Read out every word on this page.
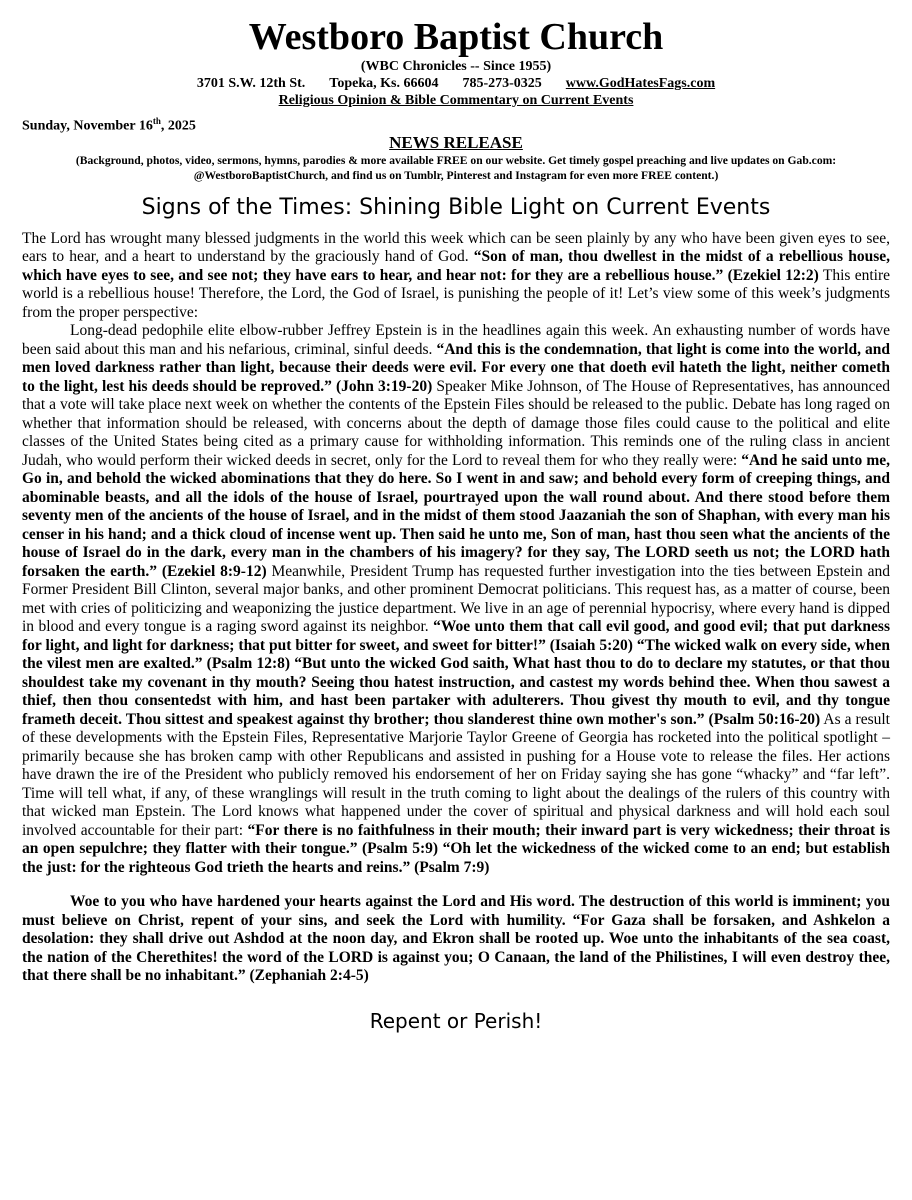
Westboro Baptist Church
(WBC Chronicles -- Since 1955)
3701 S.W. 12th St. Topeka, Ks. 66604 785-273-0325 www.GodHatesFags.com
Religious Opinion & Bible Commentary on Current Events
Sunday, November 16th, 2025
NEWS RELEASE
(Background, photos, video, sermons, hymns, parodies & more available FREE on our website. Get timely gospel preaching and live updates on Gab.com: @WestboroBaptistChurch, and find us on Tumblr, Pinterest and Instagram for even more FREE content.)
Signs of the Times: Shining Bible Light on Current Events

The Lord has wrought many blessed judgments in the world this week which can be seen plainly by any who have been given eyes to see, ears to hear, and a heart to understand by the graciously hand of God. “Son of man, thou dwellest in the midst of a rebellious house, which have eyes to see, and see not; they have ears to hear, and hear not: for they are a rebellious house.” (Ezekiel 12:2) This entire world is a rebellious house! Therefore, the Lord, the God of Israel, is punishing the people of it! Let’s view some of this week’s judgments from the proper perspective:

Long-dead pedophile elite elbow-rubber Jeffrey Epstein is in the headlines again this week. An exhausting number of words have been said about this man and his nefarious, criminal, sinful deeds. “And this is the condemnation, that light is come into the world, and men loved darkness rather than light, because their deeds were evil. For every one that doeth evil hateth the light, neither cometh to the light, lest his deeds should be reproved.” (John 3:19-20) Speaker Mike Johnson, of The House of Representatives, has announced that a vote will take place next week on whether the contents of the Epstein Files should be released to the public. Debate has long raged on whether that information should be released, with concerns about the depth of damage those files could cause to the political and elite classes of the United States being cited as a primary cause for withholding information. This reminds one of the ruling class in ancient Judah, who would perform their wicked deeds in secret, only for the Lord to reveal them for who they really were: “And he said unto me, Go in, and behold the wicked abominations that they do here. So I went in and saw; and behold every form of creeping things, and abominable beasts, and all the idols of the house of Israel, pourtrayed upon the wall round about. And there stood before them seventy men of the ancients of the house of Israel, and in the midst of them stood Jaazaniah the son of Shaphan, with every man his censer in his hand; and a thick cloud of incense went up. Then said he unto me, Son of man, hast thou seen what the ancients of the house of Israel do in the dark, every man in the chambers of his imagery? for they say, The LORD seeth us not; the LORD hath forsaken the earth.” (Ezekiel 8:9-12) Meanwhile, President Trump has requested further investigation into the ties between Epstein and Former President Bill Clinton, several major banks, and other prominent Democrat politicians. This request has, as a matter of course, been met with cries of politicizing and weaponizing the justice department. We live in an age of perennial hypocrisy, where every hand is dipped in blood and every tongue is a raging sword against its neighbor. “Woe unto them that call evil good, and good evil; that put darkness for light, and light for darkness; that put bitter for sweet, and sweet for bitter!” (Isaiah 5:20) “The wicked walk on every side, when the vilest men are exalted.” (Psalm 12:8) “But unto the wicked God saith, What hast thou to do to declare my statutes, or that thou shouldest take my covenant in thy mouth? Seeing thou hatest instruction, and castest my words behind thee. When thou sawest a thief, then thou consentedst with him, and hast been partaker with adulterers. Thou givest thy mouth to evil, and thy tongue frameth deceit. Thou sittest and speakest against thy brother; thou slanderest thine own mother's son.” (Psalm 50:16-20) As a result of these developments with the Epstein Files, Representative Marjorie Taylor Greene of Georgia has rocketed into the political spotlight – primarily because she has broken camp with other Republicans and assisted in pushing for a House vote to release the files. Her actions have drawn the ire of the President who publicly removed his endorsement of her on Friday saying she has gone “whacky” and “far left”. Time will tell what, if any, of these wranglings will result in the truth coming to light about the dealings of the rulers of this country with that wicked man Epstein. The Lord knows what happened under the cover of spiritual and physical darkness and will hold each soul involved accountable for their part: “For there is no faithfulness in their mouth; their inward part is very wickedness; their throat is an open sepulchre; they flatter with their tongue.” (Psalm 5:9) “Oh let the wickedness of the wicked come to an end; but establish the just: for the righteous God trieth the hearts and reins.” (Psalm 7:9)

Woe to you who have hardened your hearts against the Lord and His word. The destruction of this world is imminent; you must believe on Christ, repent of your sins, and seek the Lord with humility. “For Gaza shall be forsaken, and Ashkelon a desolation: they shall drive out Ashdod at the noon day, and Ekron shall be rooted up. Woe unto the inhabitants of the sea coast, the nation of the Cherethites! the word of the LORD is against you; O Canaan, the land of the Philistines, I will even destroy thee, that there shall be no inhabitant.” (Zephaniah 2:4-5)

Repent or Perish!
